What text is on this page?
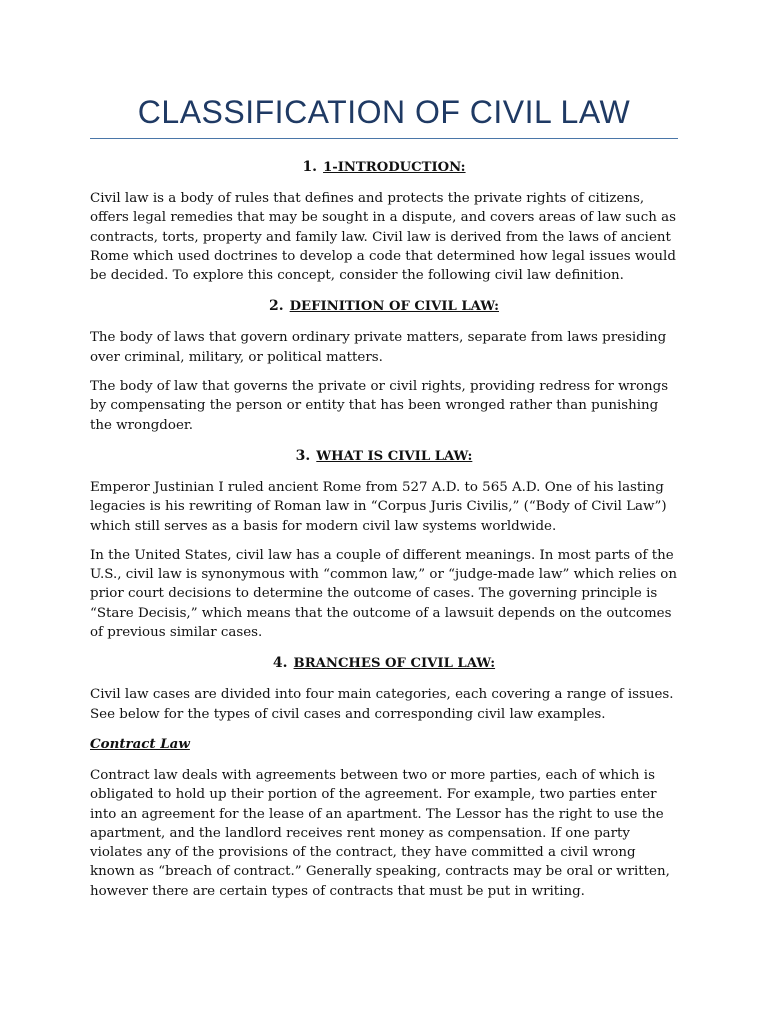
CLASSIFICATION OF CIVIL LAW
1. 1-INTRODUCTION:

Civil law is a body of rules that defines and protects the private rights of citizens, offers legal remedies that may be sought in a dispute, and covers areas of law such as contracts, torts, property and family law. Civil law is derived from the laws of ancient Rome which used doctrines to develop a code that determined how legal issues would be decided. To explore this concept, consider the following civil law definition.

2. DEFINITION OF CIVIL LAW:

The body of laws that govern ordinary private matters, separate from laws presiding over criminal, military, or political matters.

The body of law that governs the private or civil rights, providing redress for wrongs by compensating the person or entity that has been wronged rather than punishing the wrongdoer.

3. WHAT IS CIVIL LAW:

Emperor Justinian I ruled ancient Rome from 527 A.D. to 565 A.D. One of his lasting legacies is his rewriting of Roman law in “Corpus Juris Civilis,” (“Body of Civil Law”) which still serves as a basis for modern civil law systems worldwide.

In the United States, civil law has a couple of different meanings. In most parts of the U.S., civil law is synonymous with “common law,” or “judge-made law” which relies on prior court decisions to determine the outcome of cases. The governing principle is “Stare Decisis,” which means that the outcome of a lawsuit depends on the outcomes of previous similar cases.

4. BRANCHES OF CIVIL LAW:

Civil law cases are divided into four main categories, each covering a range of issues. See below for the types of civil cases and corresponding civil law examples.

Contract Law

Contract law deals with agreements between two or more parties, each of which is obligated to hold up their portion of the agreement. For example, two parties enter into an agreement for the lease of an apartment. The Lessor has the right to use the apartment, and the landlord receives rent money as compensation. If one party violates any of the provisions of the contract, they have committed a civil wrong known as “breach of contract.” Generally speaking, contracts may be oral or written, however there are certain types of contracts that must be put in writing.
